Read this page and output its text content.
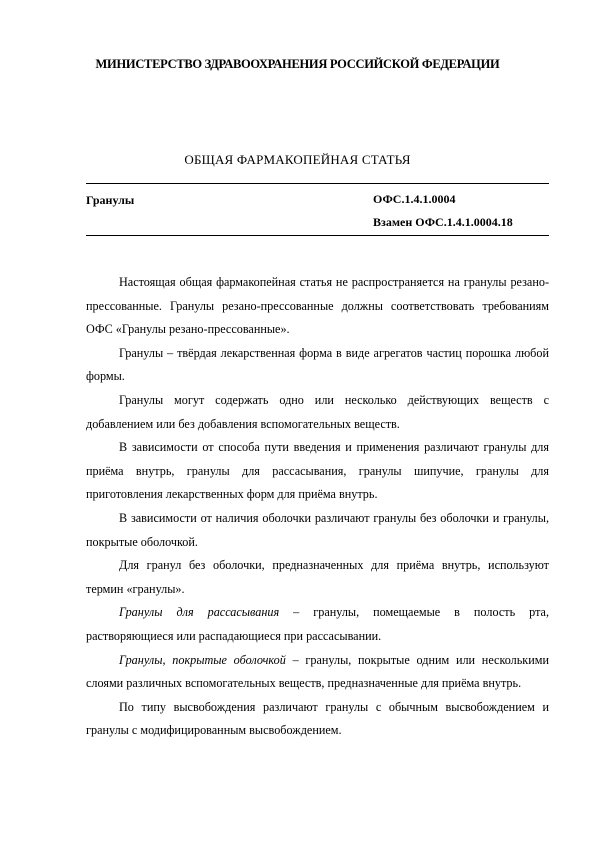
МИНИСТЕРСТВО ЗДРАВООХРАНЕНИЯ РОССИЙСКОЙ ФЕДЕРАЦИИ
ОБЩАЯ ФАРМАКОПЕЙНАЯ СТАТЬЯ
Гранулы	ОФС.1.4.1.0004
Взамен ОФС.1.4.1.0004.18

Настоящая общая фармакопейная статья не распространяется на гранулы резано-прессованные. Гранулы резано-прессованные должны соответствовать требованиям ОФС «Гранулы резано-прессованные».

Гранулы – твёрдая лекарственная форма в виде агрегатов частиц порошка любой формы.

Гранулы могут содержать одно или несколько действующих веществ с добавлением или без добавления вспомогательных веществ.

В зависимости от способа пути введения и применения различают гранулы для приёма внутрь, гранулы для рассасывания, гранулы шипучие, гранулы для приготовления лекарственных форм для приёма внутрь.

В зависимости от наличия оболочки различают гранулы без оболочки и гранулы, покрытые оболочкой.

Для гранул без оболочки, предназначенных для приёма внутрь, используют термин «гранулы».

Гранулы для рассасывания – гранулы, помещаемые в полость рта, растворяющиеся или распадающиеся при рассасывании.

Гранулы, покрытые оболочкой – гранулы, покрытые одним или несколькими слоями различных вспомогательных веществ, предназначенные для приёма внутрь.

По типу высвобождения различают гранулы с обычным высвобождением и гранулы с модифицированным высвобождением.
